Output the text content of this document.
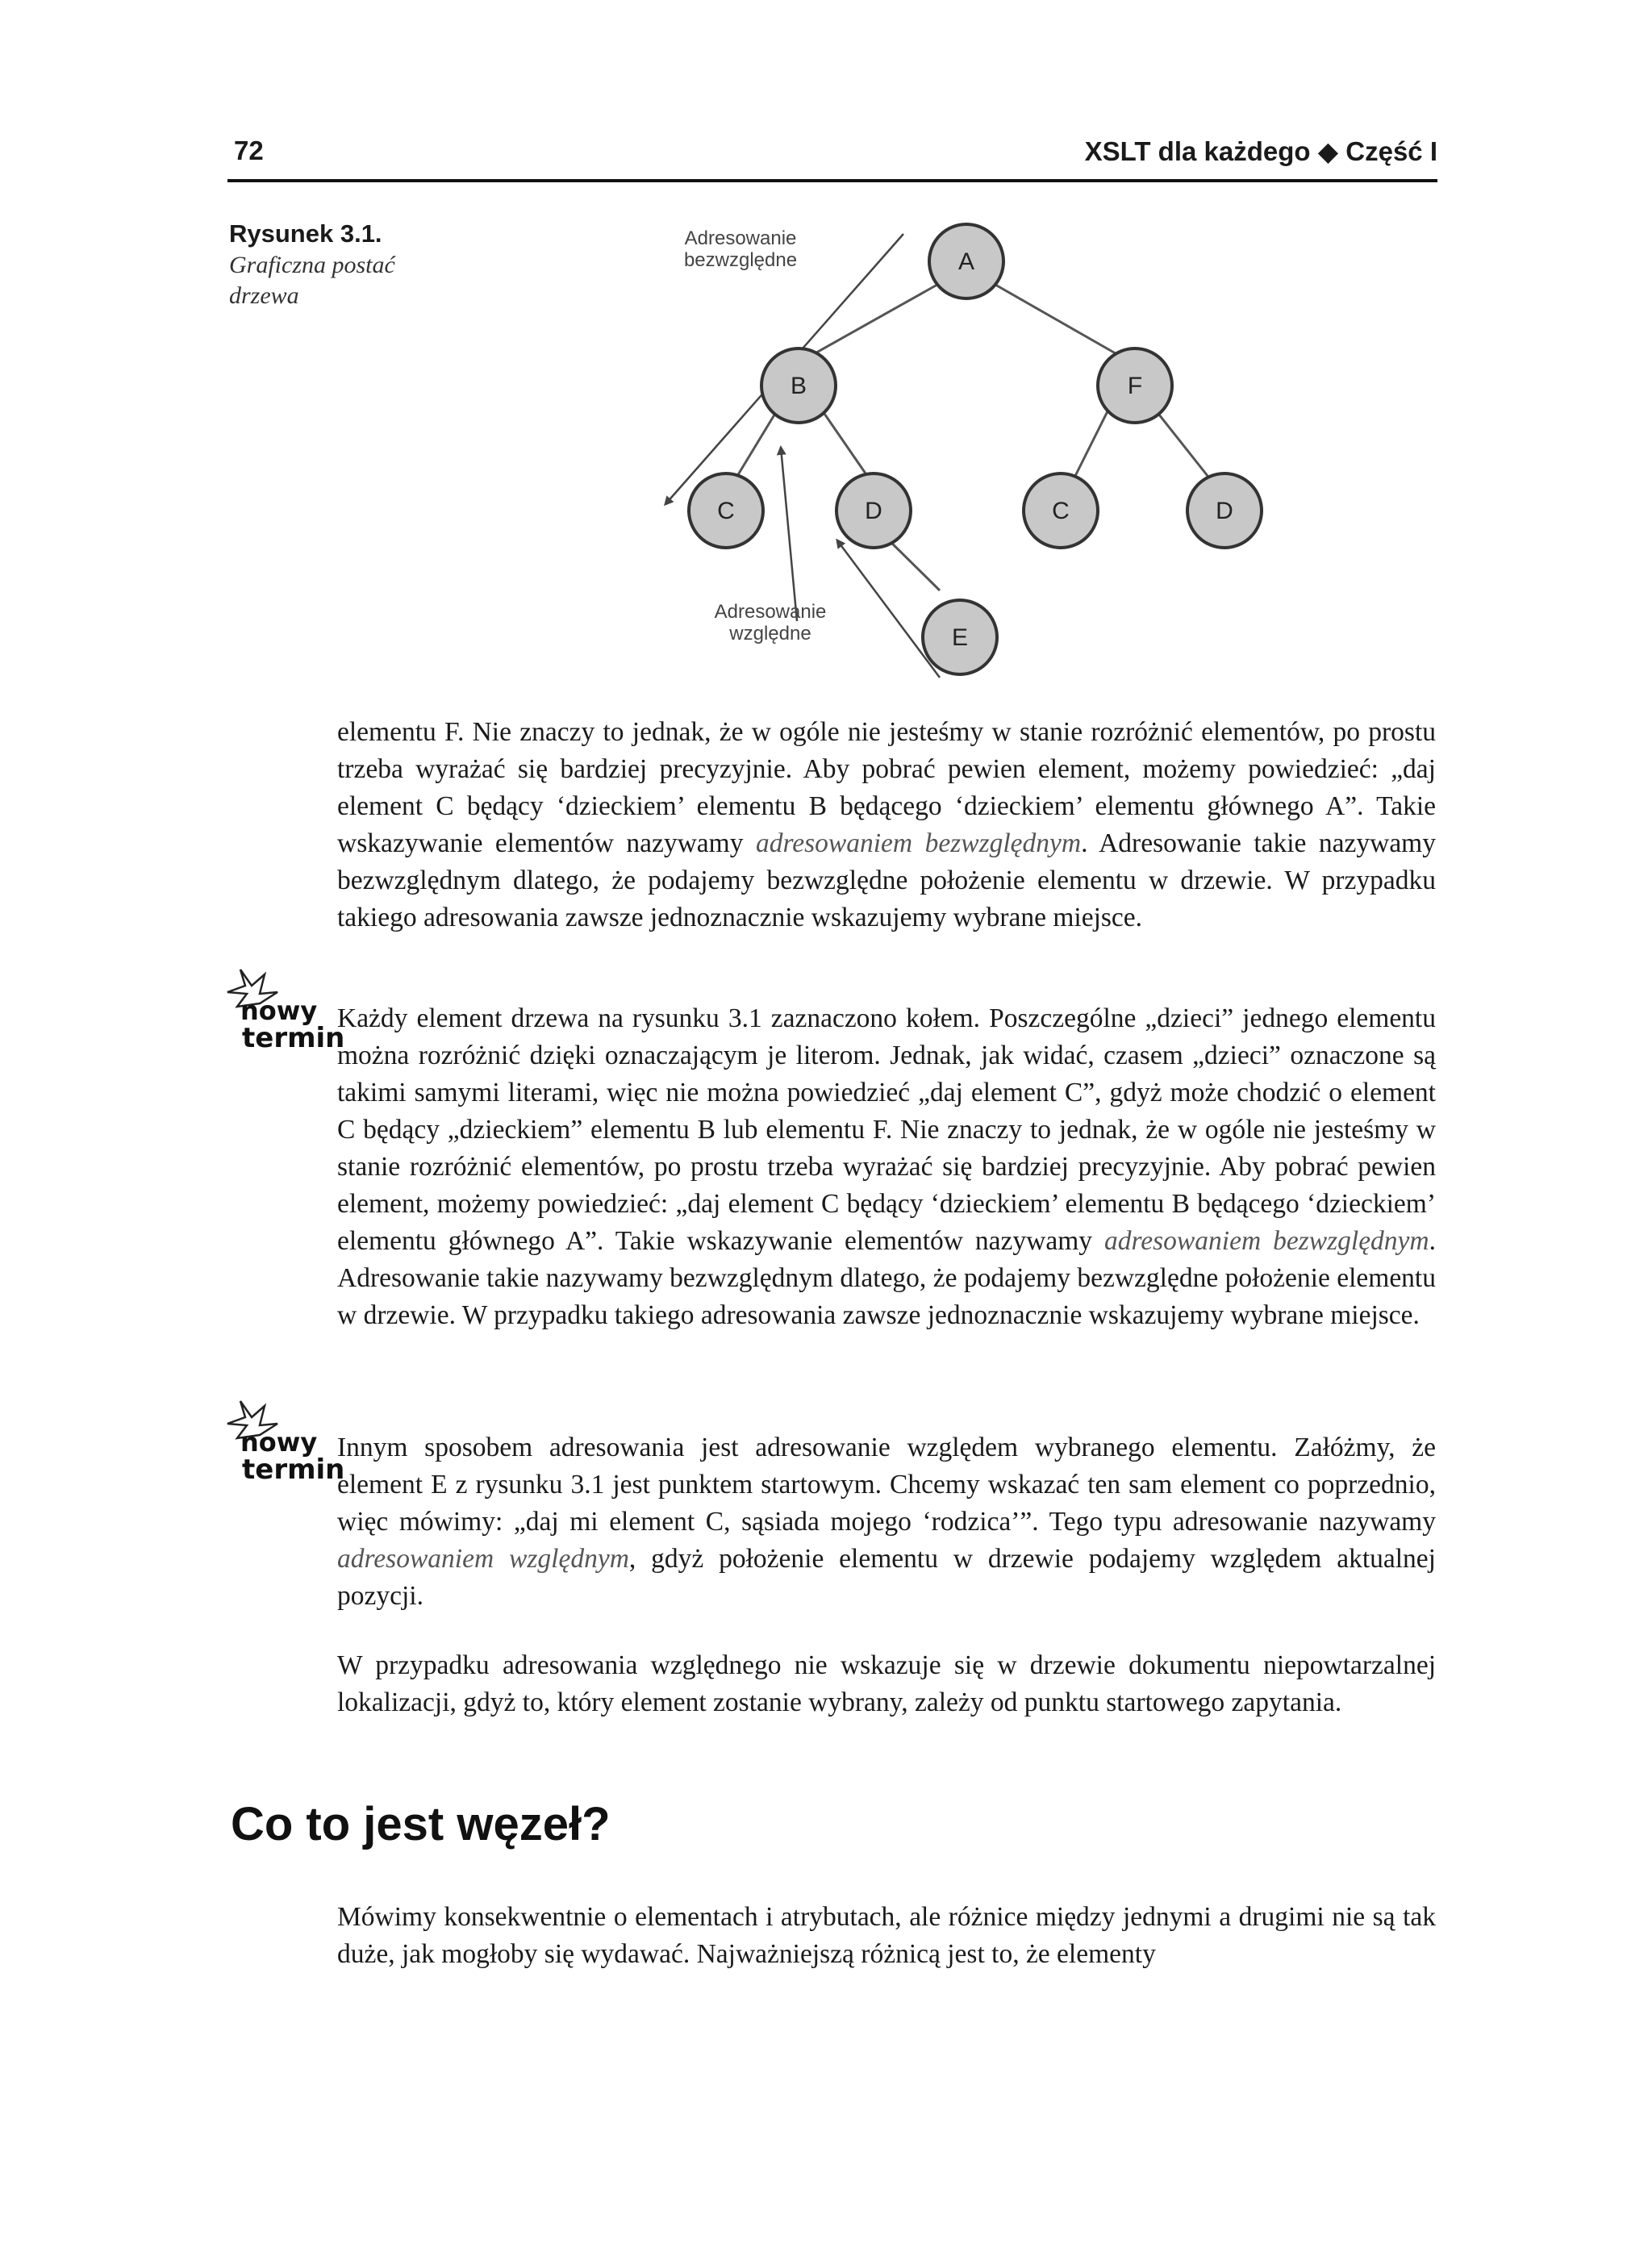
72	XSLT dla każdego ◆ Część I
Rysunek 3.1.
Graficzna postać drzewa
Adresowanie
bezwzględne
Adresowanie
względne
A
B	F
C	D	C	D
E

elementu F. Nie znaczy to jednak, że w ogóle nie jesteśmy w stanie rozróżnić elementów, po prostu trzeba wyrażać się bardziej precyzyjnie. Aby pobrać pewien element, możemy powiedzieć: „daj element C będący ‘dzieckiem’ elementu B będącego ‘dzieckiem’ elementu głównego A”. Takie wskazywanie elementów nazywamy adresowaniem bezwzględnym. Adresowanie takie nazywamy bezwzględnym dlatego, że podajemy bezwzględne położenie elementu w drzewie. W przypadku takiego adresowania zawsze jednoznacznie wskazujemy wybrane miejsce.

nowy
termin

Każdy element drzewa na rysunku 3.1 zaznaczono kołem. Poszczególne „dzieci” jednego elementu można rozróżnić dzięki oznaczającym je literom. Jednak, jak widać, czasem „dzieci” oznaczone są takimi samymi literami, więc nie można powiedzieć „daj element C”, gdyż może chodzić o element C będący „dzieckiem” elementu B lub elementu F. Nie znaczy to jednak, że w ogóle nie jesteśmy w stanie rozróżnić elementów, po prostu trzeba wyrażać się bardziej precyzyjnie. Aby pobrać pewien element, możemy powiedzieć: „daj element C będący ‘dzieckiem’ elementu B będącego ‘dzieckiem’ elementu głównego A”. Takie wskazywanie elementów nazywamy adresowaniem bezwzględnym. Adresowanie takie nazywamy bezwzględnym dlatego, że podajemy bezwzględne położenie elementu w drzewie. W przypadku takiego adresowania zawsze jednoznacznie wskazujemy wybrane miejsce.

nowy
termin

Innym sposobem adresowania jest adresowanie względem wybranego elementu. Załóżmy, że element E z rysunku 3.1 jest punktem startowym. Chcemy wskazać ten sam element co poprzednio, więc mówimy: „daj mi element C, sąsiada mojego ‘rodzica’”. Tego typu adresowanie nazywamy adresowaniem względnym, gdyż położenie elementu w drzewie podajemy względem aktualnej pozycji.

W przypadku adresowania względnego nie wskazuje się w drzewie dokumentu niepowtarzalnej lokalizacji, gdyż to, który element zostanie wybrany, zależy od punktu startowego zapytania.

Co to jest węzeł?

Mówimy konsekwentnie o elementach i atrybutach, ale różnice między jednymi a drugimi nie są tak duże, jak mogłoby się wydawać. Najważniejszą różnicą jest to, że elementy
